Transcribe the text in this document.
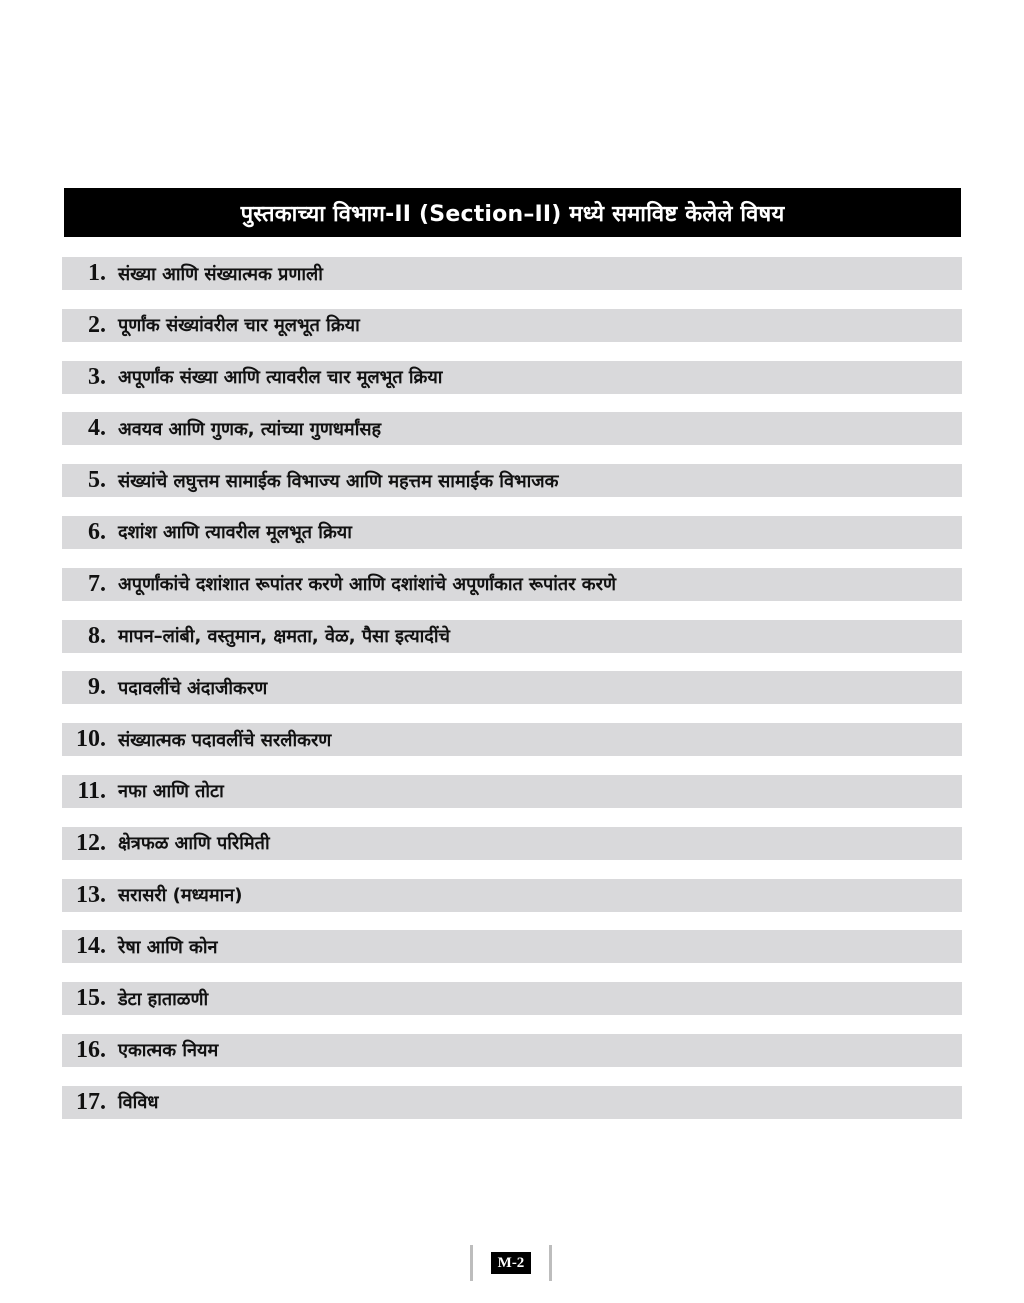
पुस्तकाच्या विभाग-II (Section–II) मध्ये समाविष्ट केलेले विषय
1. संख्या आणि संख्यात्मक प्रणाली
2. पूर्णांक संख्यांवरील चार मूलभूत क्रिया
3. अपूर्णांक संख्या आणि त्यावरील चार मूलभूत क्रिया
4. अवयव आणि गुणक, त्यांच्या गुणधर्मांसह
5. संख्यांचे लघुत्तम सामाईक विभाज्य आणि महत्तम सामाईक विभाजक
6. दशांश आणि त्यावरील मूलभूत क्रिया
7. अपूर्णांकांचे दशांशात रूपांतर करणे आणि दशांशांचे अपूर्णांकात रूपांतर करणे
8. मापन–लांबी, वस्तुमान, क्षमता, वेळ, पैसा इत्यादींचे
9. पदावलींचे अंदाजीकरण
10. संख्यात्मक पदावलींचे सरलीकरण
11. नफा आणि तोटा
12. क्षेत्रफळ आणि परिमिती
13. सरासरी (मध्यमान)
14. रेषा आणि कोन
15. डेटा हाताळणी
16. एकात्मक नियम
17. विविध
M-2
